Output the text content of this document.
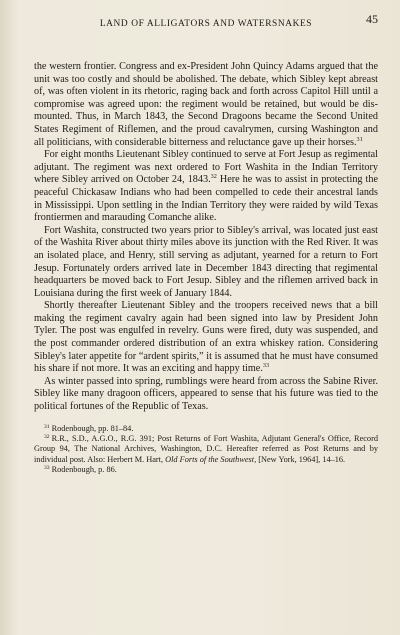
LAND OF ALLIGATORS AND WATERSNAKES	45

the western frontier. Congress and ex-President John Quincy Adams argued that the unit was too costly and should be abolished. The debate, which Sibley kept abreast of, was often violent in its rhetoric, raging back and forth across Capitol Hill until a compromise was agreed upon: the regiment would be retained, but would be dismounted. Thus, in March 1843, the Second Dragoons became the Second United States Regiment of Riflemen, and the proud cavalrymen, cursing Washington and all politicians, with considerable bitterness and reluctance gave up their horses.$^{31}$

For eight months Lieutenant Sibley continued to serve at Fort Jesup as regimental adjutant. The regiment was next ordered to Fort Washita in the Indian Territory where Sibley arrived on October 24, 1843.32 Here he was to assist in protecting the peaceful Chickasaw Indians who had been compelled to cede their ancestral lands in Mississippi. Upon settling in the Indian Territory they were raided by wild Texas frontiermen and marauding Comanche alike.

Fort Washita, constructed two years prior to Sibley's arrival, was located just east of the Washita River about thirty miles above its junction with the Red River. It was an isolated place, and Henry, still serving as adjutant, yearned for a return to Fort Jesup. Fortunately orders arrived late in December 1843 directing that regimental headquarters be moved back to Fort Jesup. Sibley and the riflemen arrived back in Louisiana during the first week of January 1844.

Shortly thereafter Lieutenant Sibley and the troopers received news that a bill making the regiment cavalry again had been signed into law by President John Tyler. The post was engulfed in revelry. Guns were fired, duty was suspended, and the post commander ordered distribution of an extra whiskey ration. Considering Sibley's later appetite for “ardent spirits,” it is assumed that he must have consumed his share if not more. It was an exciting and happy time.$^{33}$

As winter passed into spring, rumblings were heard from across the Sabine River. Sibley like many dragoon officers, appeared to sense that his future was tied to the political fortunes of the Republic of Texas.

$^{31}$ Rodenbough, pp. 81–84.

$^{32}$ R.R., S.D., A.G.O., R.G. 391; Post Returns of Fort Washita, Adjutant General's Office, Record Group 94, The National Archives, Washington, D.C. Hereafter referred as Post Returns and by individual post. Also: Herbert M. Hart, Old Forts of the Southwest, [New York, 1964], 14–16.

$^{33}$ Rodenbough, p. 86.
